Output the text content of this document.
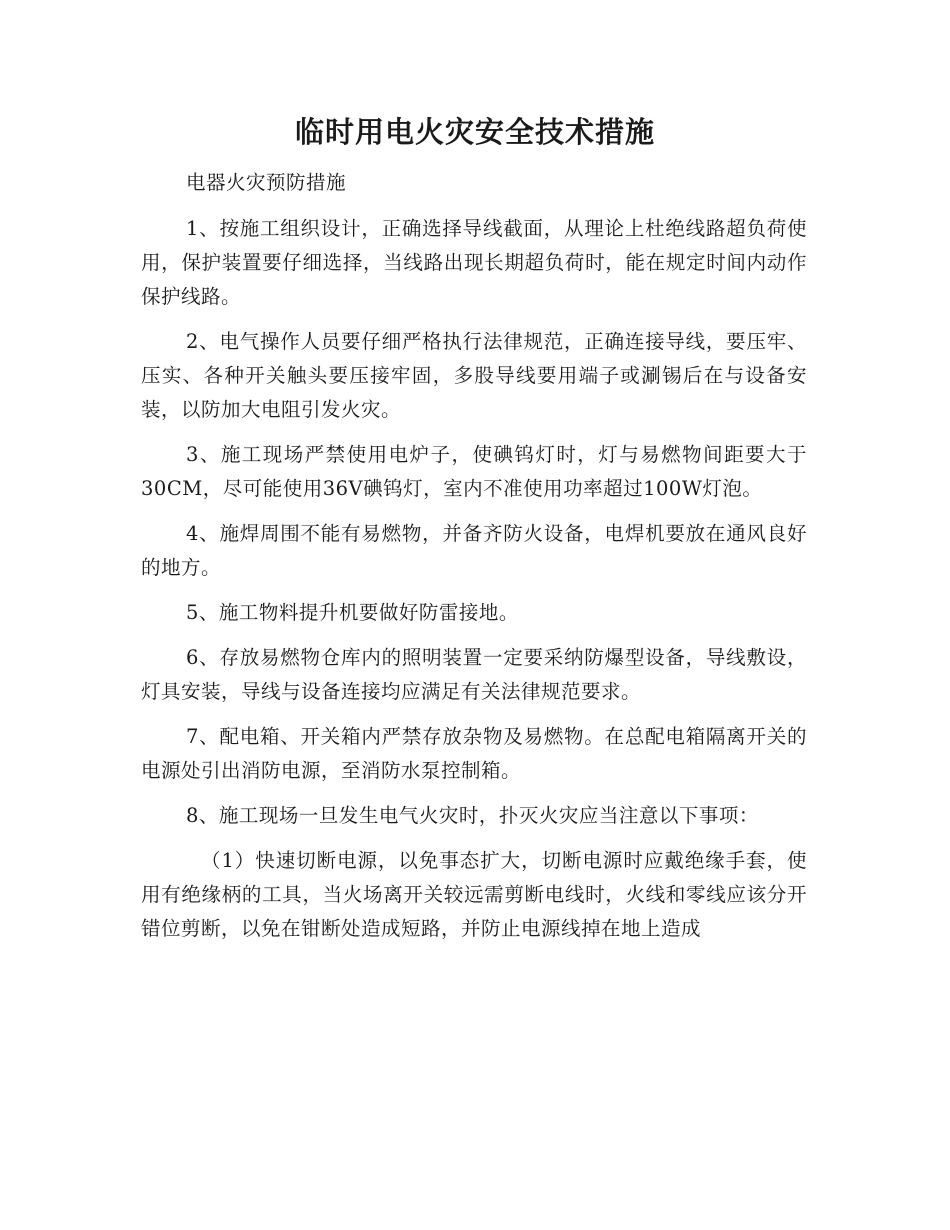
临时用电火灾安全技术措施

电器火灾预防措施

1、按施工组织设计，正确选择导线截面，从理论上杜绝线路超负荷使用，保护装置要仔细选择，当线路出现长期超负荷时，能在规定时间内动作保护线路。

2、电气操作人员要仔细严格执行法律规范，正确连接导线，要压牢、压实、各种开关触头要压接牢固，多股导线要用端子或涮锡后在与设备安装，以防加大电阻引发火灾。

3、施工现场严禁使用电炉子，使碘钨灯时，灯与易燃物间距要大于30CM，尽可能使用36V碘钨灯，室内不准使用功率超过100W灯泡。

4、施焊周围不能有易燃物，并备齐防火设备，电焊机要放在通风良好的地方。

5、施工物料提升机要做好防雷接地。

6、存放易燃物仓库内的照明装置一定要采纳防爆型设备，导线敷设，灯具安装，导线与设备连接均应满足有关法律规范要求。

7、配电箱、开关箱内严禁存放杂物及易燃物。在总配电箱隔离开关的电源处引出消防电源，至消防水泵控制箱。

8、施工现场一旦发生电气火灾时，扑灭火灾应当注意以下事项：

（1）快速切断电源，以免事态扩大，切断电源时应戴绝缘手套，使用有绝缘柄的工具，当火场离开关较远需剪断电线时，火线和零线应该分开错位剪断，以免在钳断处造成短路，并防止电源线掉在地上造成
